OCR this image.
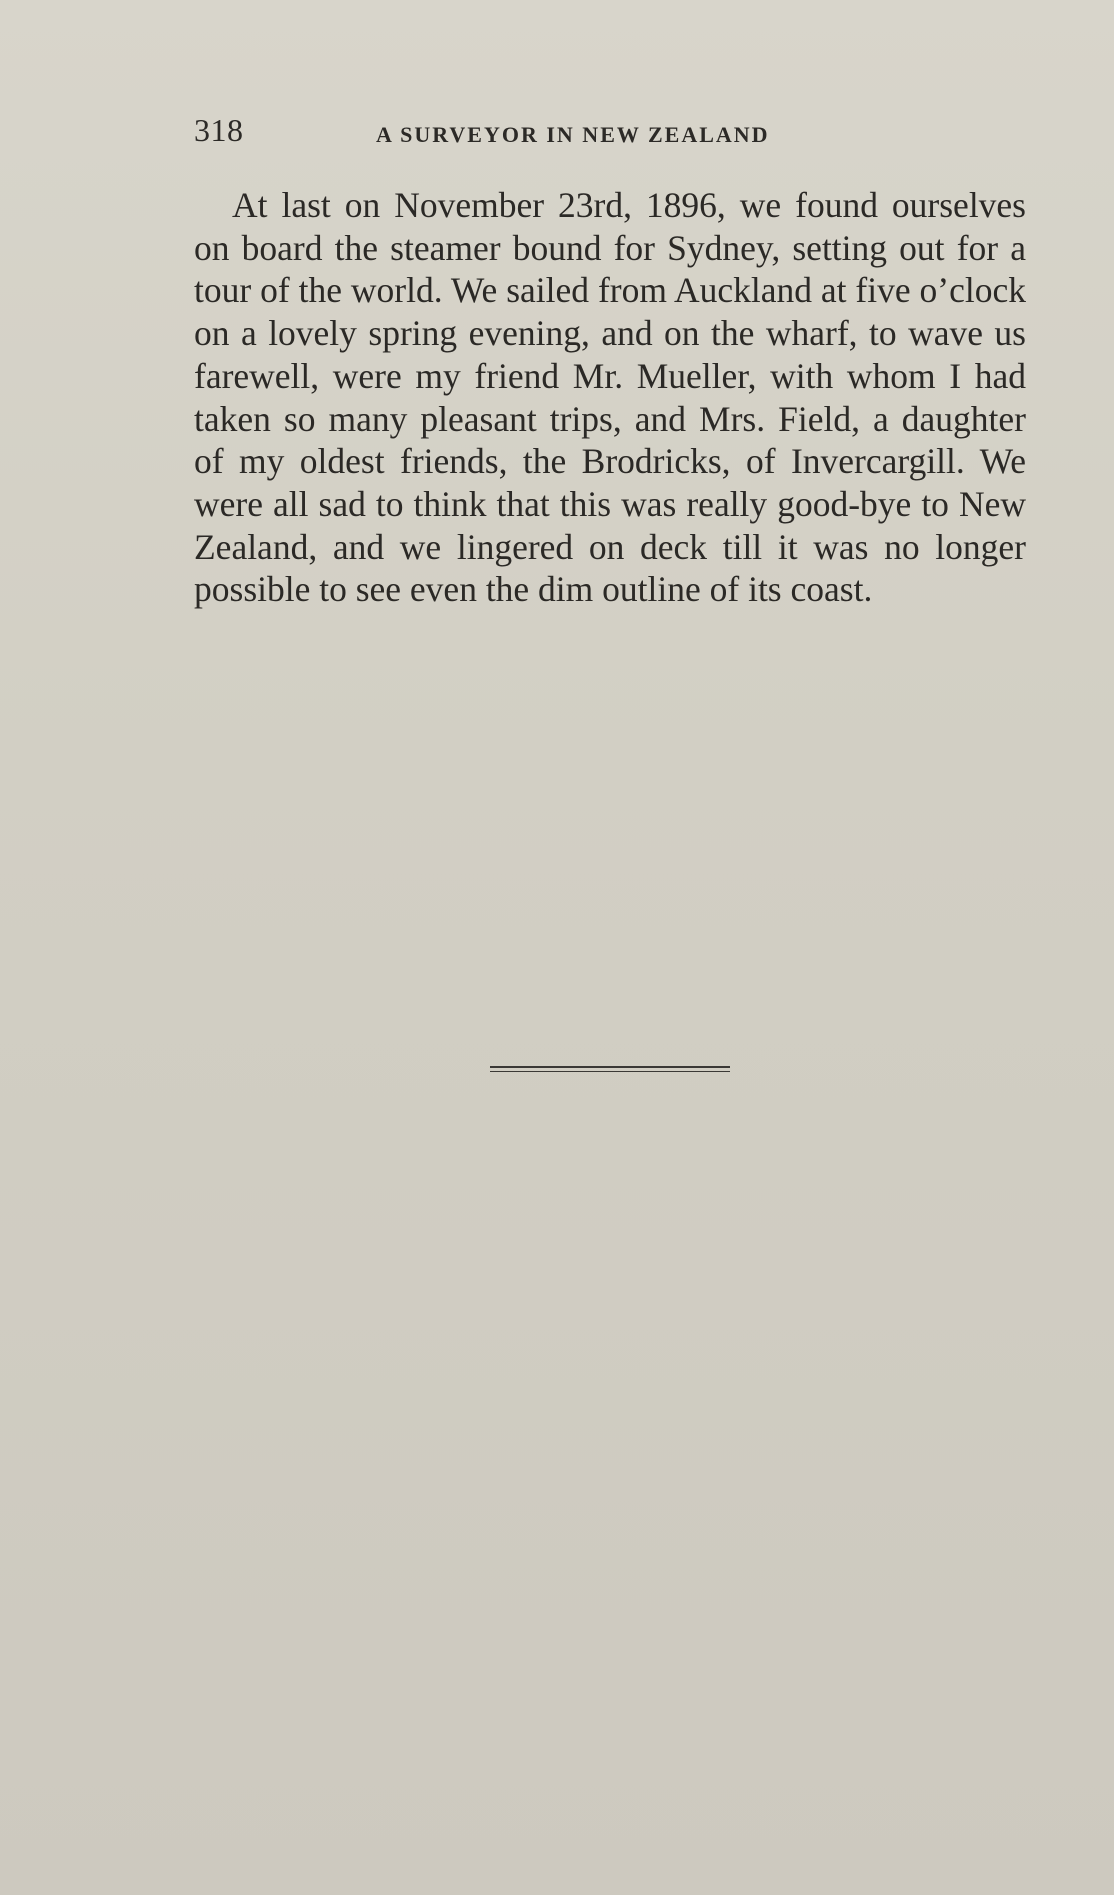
318	A SURVEYOR IN NEW ZEALAND

At last on November 23rd, 1896, we found ourselves on board the steamer bound for Sydney, setting out for a tour of the world. We sailed from Auckland at five o’clock on a lovely spring evening, and on the wharf, to wave us farewell, were my friend Mr. Mueller, with whom I had taken so many pleasant trips, and Mrs. Field, a daughter of my oldest friends, the Brodricks, of Invercargill. We were all sad to think that this was really good-bye to New Zealand, and we lingered on deck till it was no longer possible to see even the dim outline of its coast.
